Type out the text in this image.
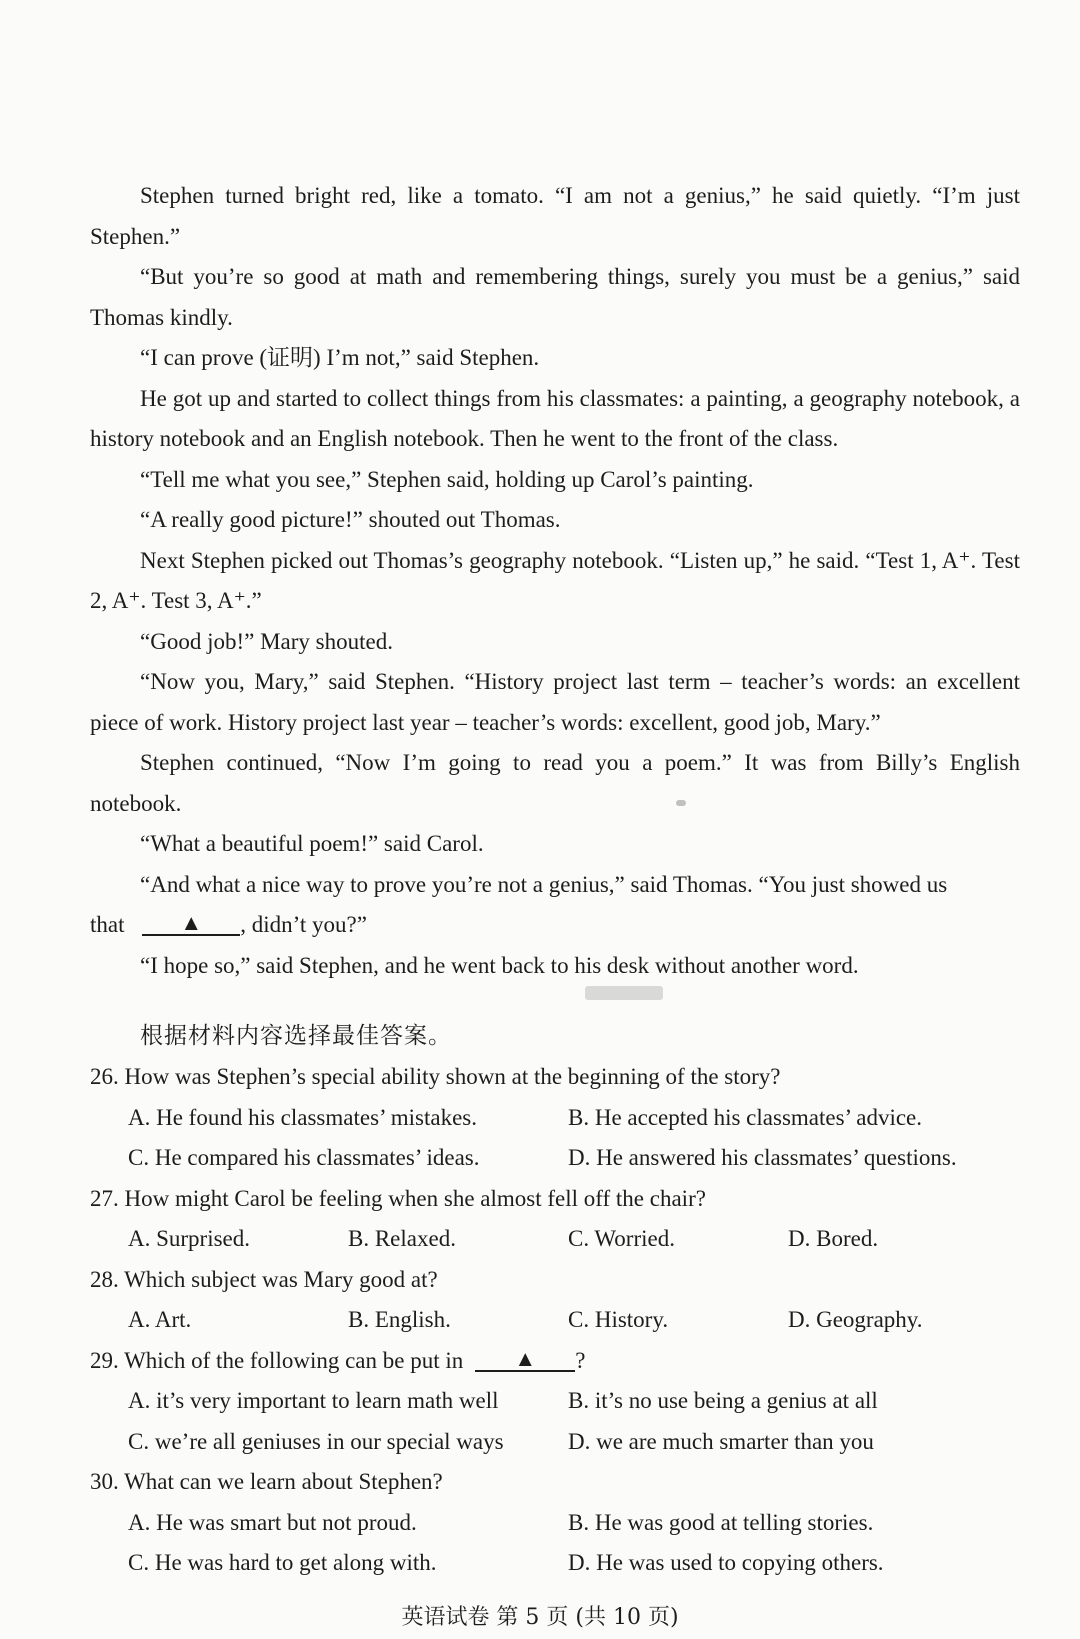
Stephen turned bright red, like a tomato. “I am not a genius,” he said quietly. “I’m just Stephen.”

“But you’re so good at math and remembering things, surely you must be a genius,” said Thomas kindly.

“I can prove (证明) I’m not,” said Stephen.

He got up and started to collect things from his classmates: a painting, a geography notebook, a history notebook and an English notebook. Then he went to the front of the class.

“Tell me what you see,” Stephen said, holding up Carol’s painting.

“A really good picture!” shouted out Thomas.

Next Stephen picked out Thomas’s geography notebook. “Listen up,” he said. “Test 1, A⁺. Test 2, A⁺. Test 3, A⁺.”

“Good job!” Mary shouted.

“Now you, Mary,” said Stephen. “History project last term – teacher’s words: an excellent piece of work. History project last year – teacher’s words: excellent, good job, Mary.”

Stephen continued, “Now I’m going to read you a poem.” It was from Billy’s English notebook.

“What a beautiful poem!” said Carol.

“And what a nice way to prove you’re not a genius,” said Thomas. “You just showed us

that	▲ , didn’t you?”

“I hope so,” said Stephen, and he went back to his desk without another word.

根据材料内容选择最佳答案。

26. How was Stephen’s special ability shown at the beginning of the story?

A. He found his classmates’ mistakes.	B. He accepted his classmates’ advice.
C. He compared his classmates’ ideas.	D. He answered his classmates’ questions.

27. How might Carol be feeling when she almost fell off the chair?

A. Surprised.	B. Relaxed.	C. Worried.	D. Bored.

28. Which subject was Mary good at?

A. Art.	B. English.	C. History.	D. Geography.

29. Which of the following can be put in ▲ ?

A. it’s very important to learn math well	B. it’s no use being a genius at all
C. we’re all geniuses in our special ways	D. we are much smarter than you

30. What can we learn about Stephen?

A. He was smart but not proud.	B. He was good at telling stories.
C. He was hard to get along with.	D. He was used to copying others.
英语试卷 第 5 页 (共 10 页)
